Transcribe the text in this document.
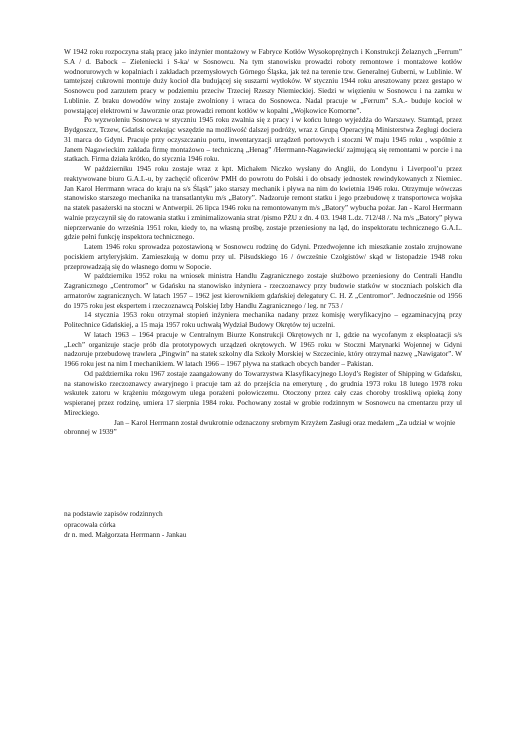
W 1942 roku rozpoczyna stałą pracę jako inżynier montażowy w Fabryce Kotłów Wysokoprężnych i Konstrukcji Żelaznych „Ferrum” S.A / d. Babock – Zieleniecki i S-ka/ w Sosnowcu. Na tym stanowisku prowadzi roboty remontowe i montażowe kotłów wodnorurowych w kopalniach i zakładach przemysłowych Górnego Śląska, jak też na terenie tzw. Generalnej Guberni, w Lublinie. W tamtejszej cukrowni montuje duży kocioł dla budującej się suszarni wytłoków. W styczniu 1944 roku aresztowany przez gestapo w Sosnowcu pod zarzutem pracy w podziemiu przeciw Trzeciej Rzeszy Niemieckiej. Siedzi w więzieniu w Sosnowcu i na zamku w Lublinie. Z braku dowodów winy zostaje zwolniony i wraca do Sosnowca. Nadal pracuje w „Ferrum” S.A.- buduje kocioł w powstającej elektrowni w Jaworznie oraz prowadzi remont kotłów w kopalni „Wojkowice Komorne”.

Po wyzwoleniu Sosnowca w styczniu 1945 roku zwalnia się z pracy i w końcu lutego wyjeżdża do Warszawy. Stamtąd, przez Bydgoszcz, Tczew, Gdańsk oczekując wszędzie na możliwość dalszej podróży, wraz z Grupą Operacyjną Ministerstwa Żeglugi dociera 31 marca do Gdyni. Pracuje przy oczyszczaniu portu, inwentaryzacji urządzeń portowych i stoczni W maju 1945 roku , wspólnie z Janem Nagawieckim zakłada firmę montażowo – techniczną „Henag” /Herrmann-Nagawiecki/ zajmującą się remontami w porcie i na statkach. Firma działa krótko, do stycznia 1946 roku.

W październiku 1945 roku zostaje wraz z kpt. Michałem Niczko wysłany do Anglii, do Londynu i Liverpool’u przez reaktywowane biuro G.A.L-u, by zachęcić oficerów PMH do powrotu do Polski i do obsady jednostek rewindykowanych z Niemiec. Jan Karol Herrmann wraca do kraju na s/s Śląsk” jako starszy mechanik i pływa na nim do kwietnia 1946 roku. Otrzymuje wówczas stanowisko starszego mechanika na transatlantyku m/s „Batory”. Nadzoruje remont statku i jego przebudowę z transportowca wojska na statek pasażerski na stoczni w Antwerpii. 26 lipca 1946 roku na remontowanym m/s „Batory” wybucha pożar. Jan - Karol Herrmann walnie przyczynił się do ratowania statku i zminimalizowania strat /pismo PŻU z dn. 4 03. 1948 L.dz. 712/48 /. Na m/s „Batory” pływa nieprzerwanie do września 1951 roku, kiedy to, na własną prośbę, zostaje przeniesiony na ląd, do inspektoratu technicznego G.A.L. gdzie pełni funkcję inspektora technicznego.

Latem 1946 roku sprowadza pozostawioną w Sosnowcu rodzinę do Gdyni. Przedwojenne ich mieszkanie zostało zrujnowane pociskiem artyleryjskim. Zamieszkują w domu przy ul. Piłsudskiego 16 / ówcześnie Czołgistów/ skąd w listopadzie 1948 roku przeprowadzają się do własnego domu w Sopocie.

W październiku 1952 roku na wniosek ministra Handlu Zagranicznego zostaje służbowo przeniesiony do Centrali Handlu Zagranicznego „Centromor” w Gdańsku na stanowisko inżyniera - rzeczoznawcy przy budowie statków w stoczniach polskich dla armatorów zagranicznych. W latach 1957 – 1962 jest kierownikiem gdańskiej delegatury C. H. Z „Centromor”. Jednocześnie od 1956 do 1975 roku jest ekspertem i rzeczoznawcą Polskiej Izby Handlu Zagranicznego / leg. nr 753 /

14 stycznia 1953 roku otrzymał stopień inżyniera mechanika nadany przez komisję weryfikacyjno – egzaminacyjną przy Politechnice Gdańskiej, a 15 maja 1957 roku uchwałą Wydział Budowy Okrętów tej uczelni.

W latach 1963 – 1964 pracuje w Centralnym Biurze Konstrukcji Okrętowych nr 1, gdzie na wycofanym z eksploatacji s/s „Lech” organizuje stacje prób dla prototypowych urządzeń okrętowych. W 1965 roku w Stoczni Marynarki Wojennej w Gdyni nadzoruje przebudowę trawlera „Pingwin” na statek szkolny dla Szkoły Morskiej w Szczecinie, który otrzymał nazwę „Nawigator”. W 1966 roku jest na nim I mechanikiem. W latach 1966 – 1967 pływa na statkach obcych bander – Pakistan.

Od października roku 1967 zostaje zaangażowany do Towarzystwa Klasyfikacyjnego Lloyd’s Register of Shipping w Gdańsku, na stanowisko rzeczoznawcy awaryjnego i pracuje tam aż do przejścia na emeryturę , do grudnia 1973 roku 18 lutego 1978 roku wskutek zatoru w krążeniu mózgowym ulega porażeni połowiczemu. Otoczony przez cały czas choroby troskliwą opieką żony wspieranej przez rodzinę, umiera 17 sierpnia 1984 roku. Pochowany został w grobie rodzinnym w Sosnowcu na cmentarzu przy ul Mireckiego.

Jan – Karol Herrmann został dwukrotnie odznaczony srebrnym Krzyżem Zasługi oraz medalem „Za udział w wojnie obronnej w 1939”

na podstawie zapisów rodzinnych
opracowała córka
dr n. med. Małgorzata Herrmann - Jankau
